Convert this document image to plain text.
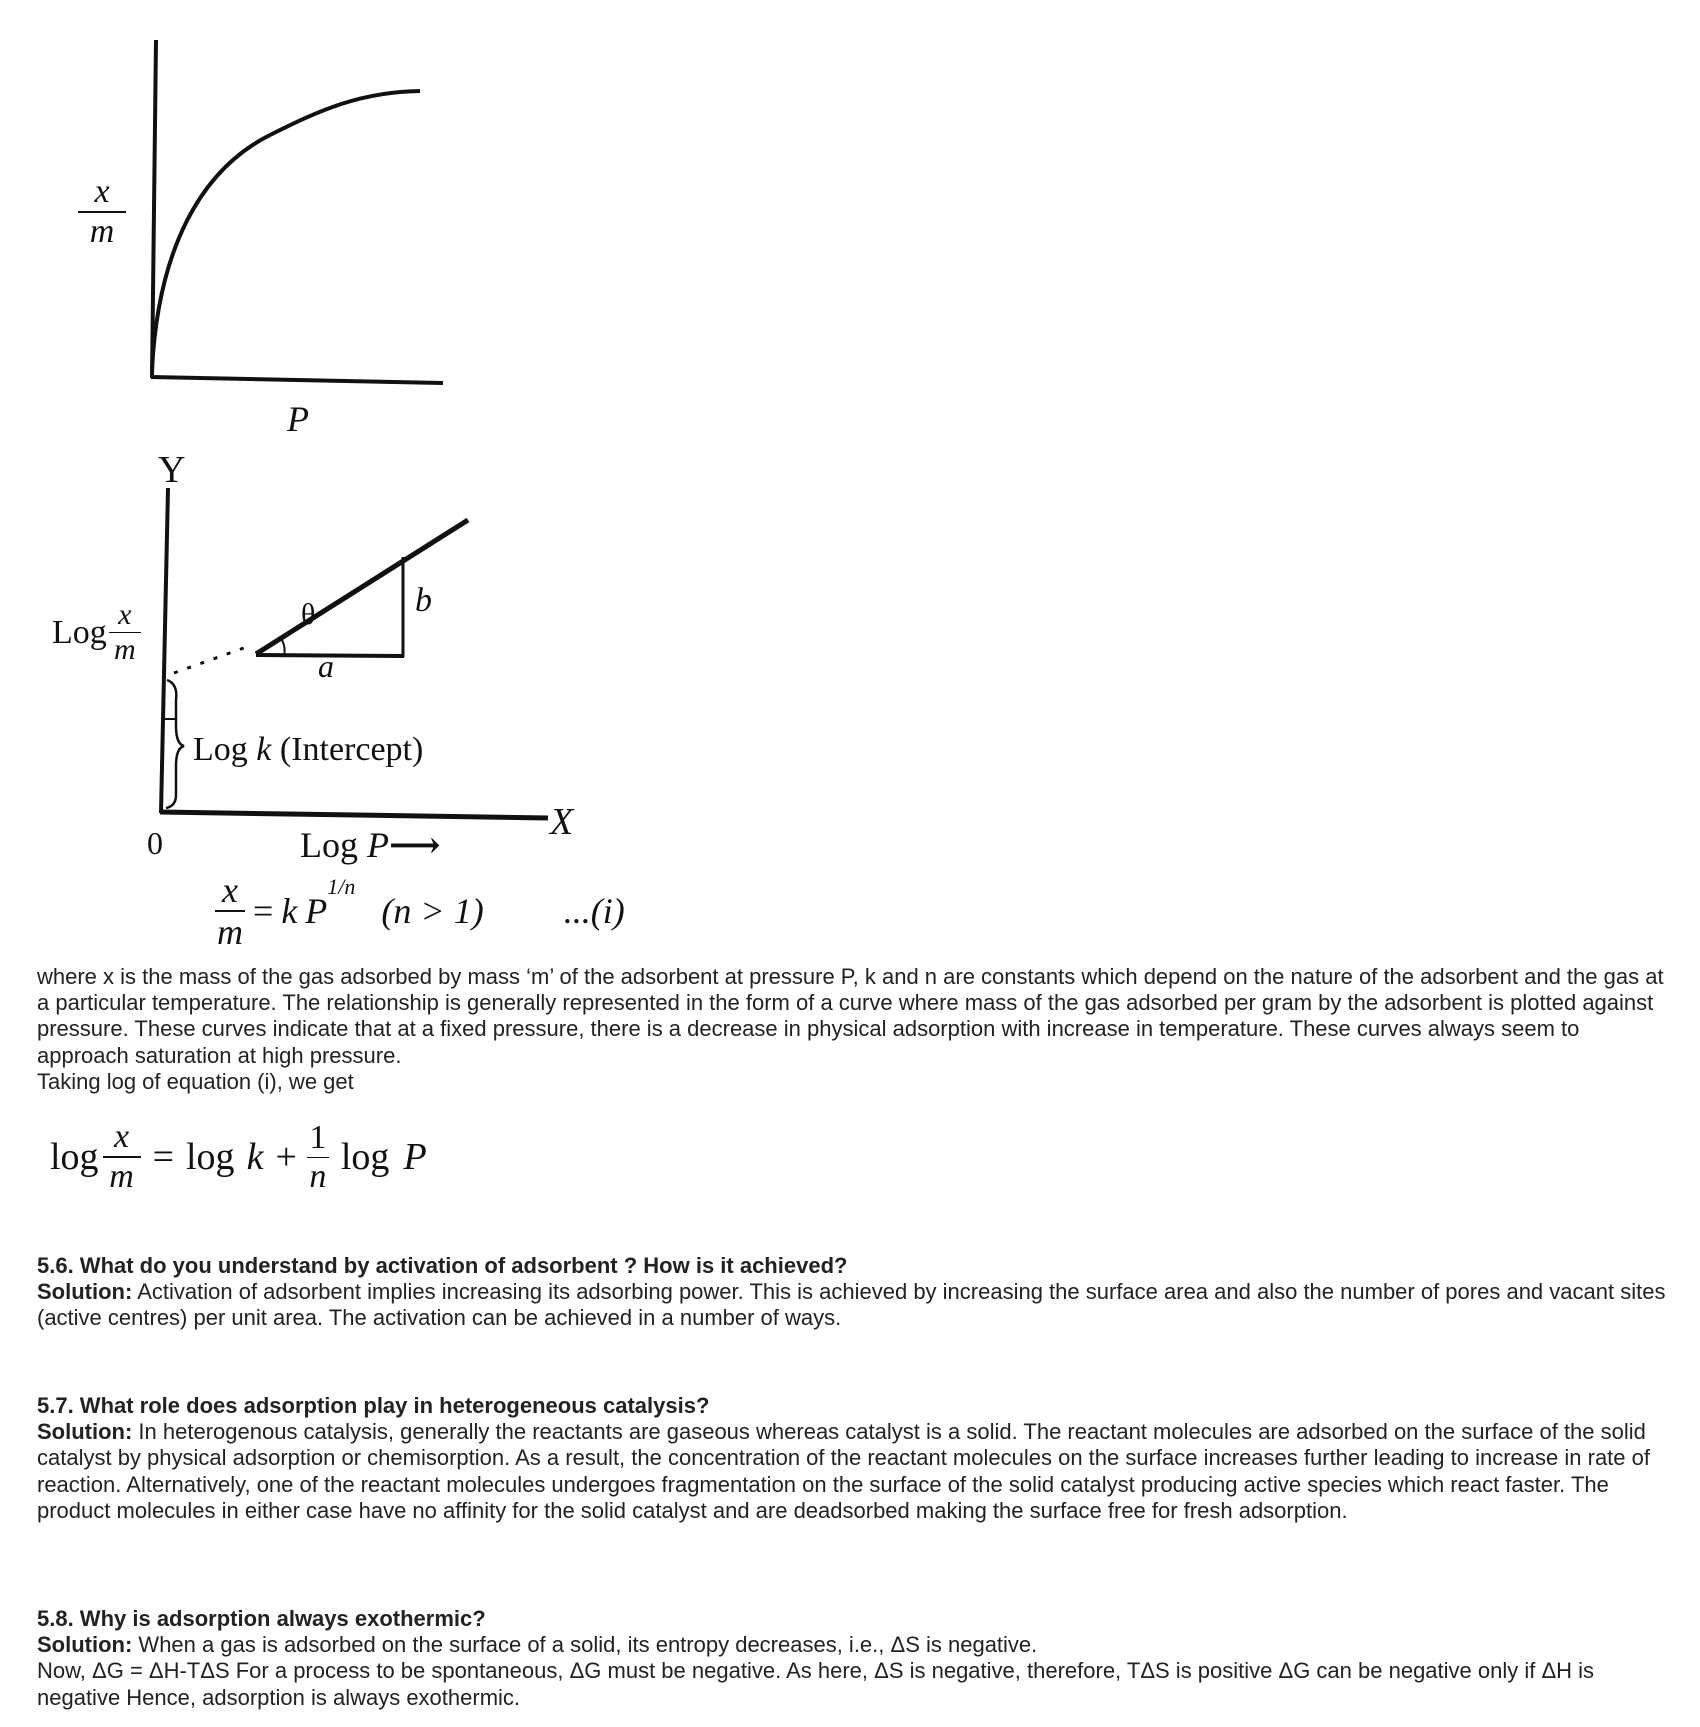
x
m
P
Y
X
0
Log $\frac{x}{m}$	b
θ
a
Log k (Intercept)
Log P⟶
$\frac{x}{m} = k$ P
$^{1/n}$
(n > 1) ...(i)

where x is the mass of the gas adsorbed by mass ‘m’ of the adsorbent at pressure P, k and n are constants which depend on the nature of the adsorbent and the gas at a particular temperature. The relationship is generally represented in the form of a curve where mass of the gas adsorbed per gram by the adsorbent is plotted against pressure. These curves indicate that at a fixed pressure, there is a decrease in physical adsorption with increase in temperature. These curves always seem to approach saturation at high pressure.

Taking log of equation (i), we get

$\log \frac{x}{m} = \log k + \frac{1}{n}$ log P

5.6. What do you understand by activation of adsorbent ? How is it achieved?

Solution: Activation of adsorbent implies increasing its adsorbing power. This is achieved by increasing the surface area and also the number of pores and vacant sites (active centres) per unit area. The activation can be achieved in a number of ways.

5.7. What role does adsorption play in heterogeneous catalysis?

Solution: In heterogenous catalysis, generally the reactants are gaseous whereas catalyst is a solid. The reactant molecules are adsorbed on the surface of the solid catalyst by physical adsorption or chemisorption. As a result, the concentration of the reactant molecules on the surface increases further leading to increase in rate of reaction. Alternatively, one of the reactant molecules undergoes fragmentation on the surface of the solid catalyst producing active species which react faster. The product molecules in either case have no affinity for the solid catalyst and are deadsorbed making the surface free for fresh adsorption.

5.8. Why is adsorption always exothermic?

Solution: When a gas is adsorbed on the surface of a solid, its entropy decreases, i.e., ΔS is negative.

Now, ΔG = ΔH-TΔS For a process to be spontaneous, ΔG must be negative. As here, ΔS is negative, therefore, TΔS is positive ΔG can be negative only if ΔH is negative Hence, adsorption is always exothermic.
